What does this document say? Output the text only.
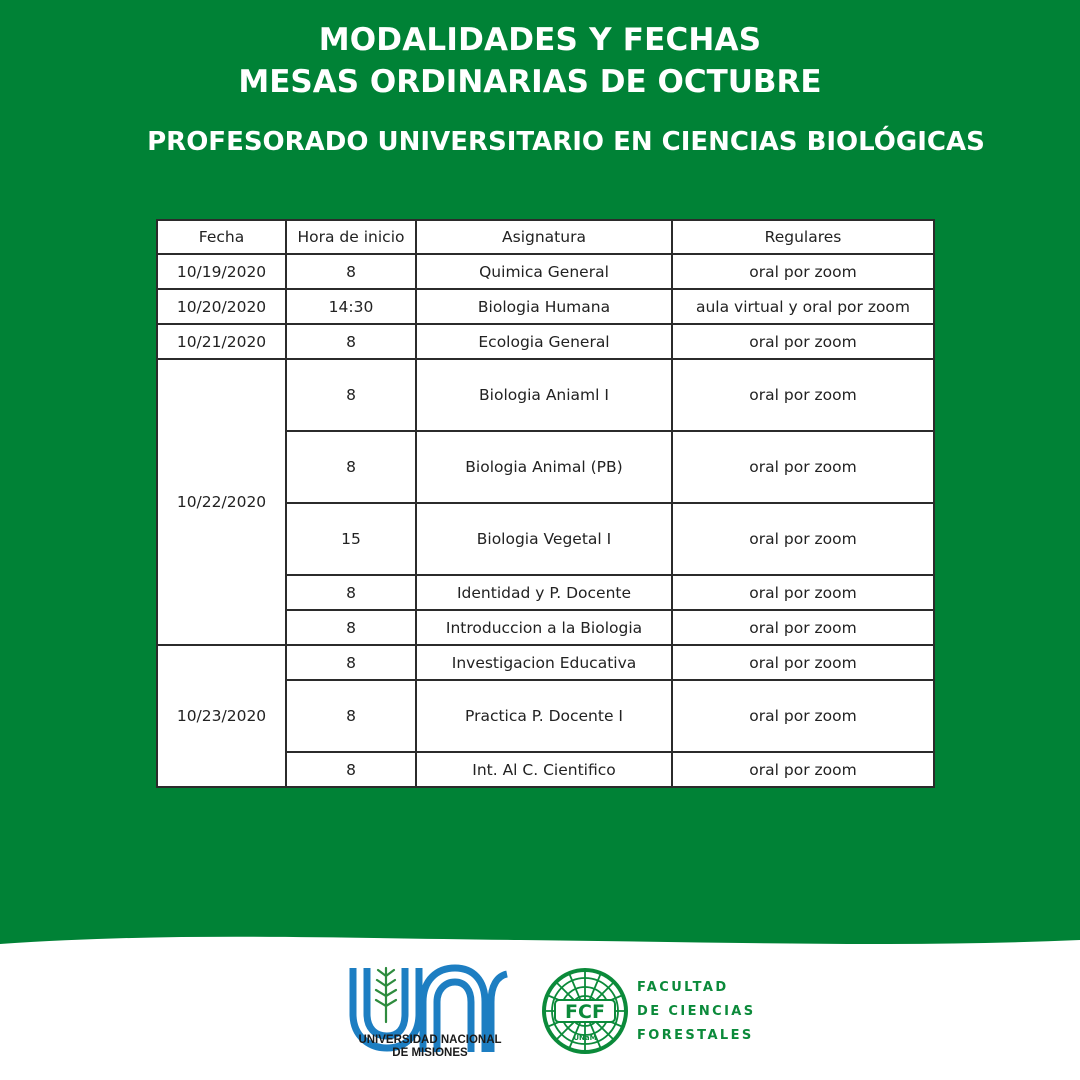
MODALIDADES Y FECHAS
MESAS ORDINARIAS DE OCTUBRE
PROFESORADO UNIVERSITARIO EN CIENCIAS BIOLÓGICAS
Fecha	Hora de inicio	Asignatura	Regulares
10/19/2020	8	Quimica General	oral por zoom
10/20/2020	14:30	Biologia Humana	aula virtual y oral por zoom
10/21/2020	8	Ecologia General	oral por zoom
10/22/2020	8	Biologia Aniaml I	oral por zoom
	8	Biologia Animal (PB)	oral por zoom
	15	Biologia Vegetal I	oral por zoom
	8	Identidad y P. Docente	oral por zoom
	8	Introduccion a la Biologia	oral por zoom
10/23/2020	8	Investigacion Educativa	oral por zoom
	8	Practica P. Docente I	oral por zoom
	8	Int. Al C. Cientifico	oral por zoom
UNIVERSIDAD NACIONAL
DE MISIONES
FCF
UNaM
FACULTAD
DE CIENCIAS
FORESTALES
